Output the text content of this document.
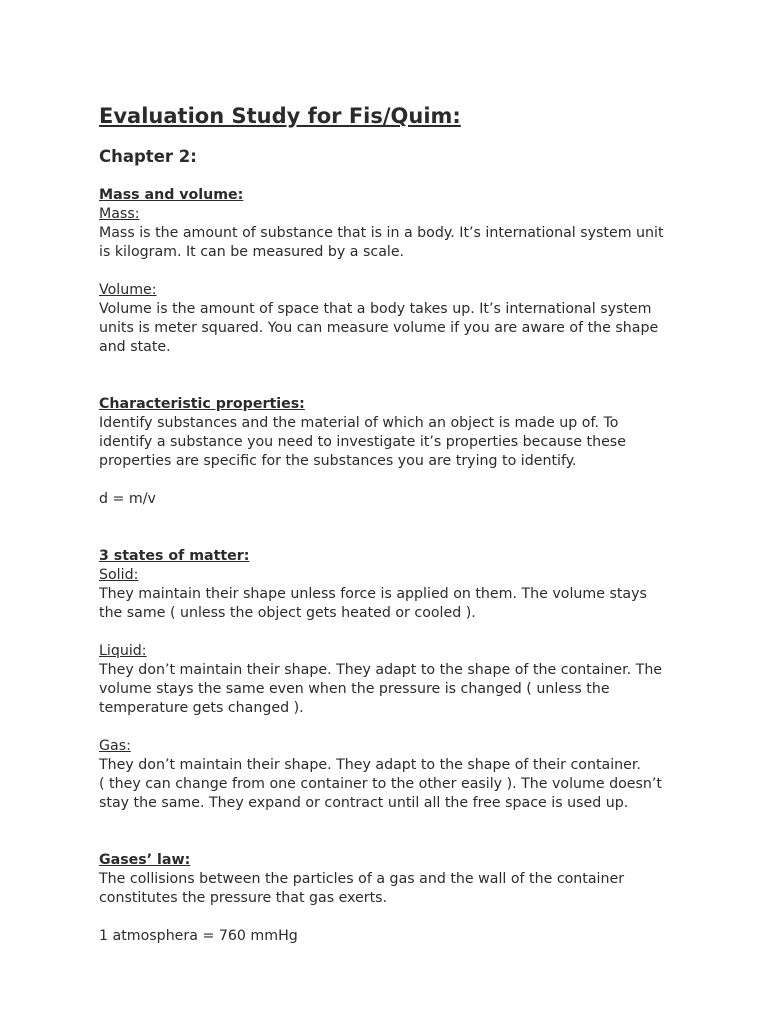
Evaluation Study for Fis/Quim:
Chapter 2:
Mass and volume:
Mass:
Mass is the amount of substance that is in a body. It’s international system unit is kilogram. It can be measured by a scale.
Volume:
Volume is the amount of space that a body takes up. It’s international system units is meter squared. You can measure volume if you are aware of the shape and state.
Characteristic properties:
Identify substances and the material of which an object is made up of. To identify a substance you need to investigate it’s properties because these properties are specific for the substances you are trying to identify.
d = m/v
3 states of matter:
Solid:
They maintain their shape unless force is applied on them. The volume stays the same ( unless the object gets heated or cooled ).
Liquid:
They don’t maintain their shape. They adapt to the shape of the container. The volume stays the same even when the pressure is changed ( unless the temperature gets changed ).
Gas:
They don’t maintain their shape. They adapt to the shape of their container.
( they can change from one container to the other easily ). The volume doesn’t stay the same. They expand or contract until all the free space is used up.
Gases’ law:
The collisions between the particles of a gas and the wall of the container constitutes the pressure that gas exerts.
1 atmosphera = 760 mmHg
